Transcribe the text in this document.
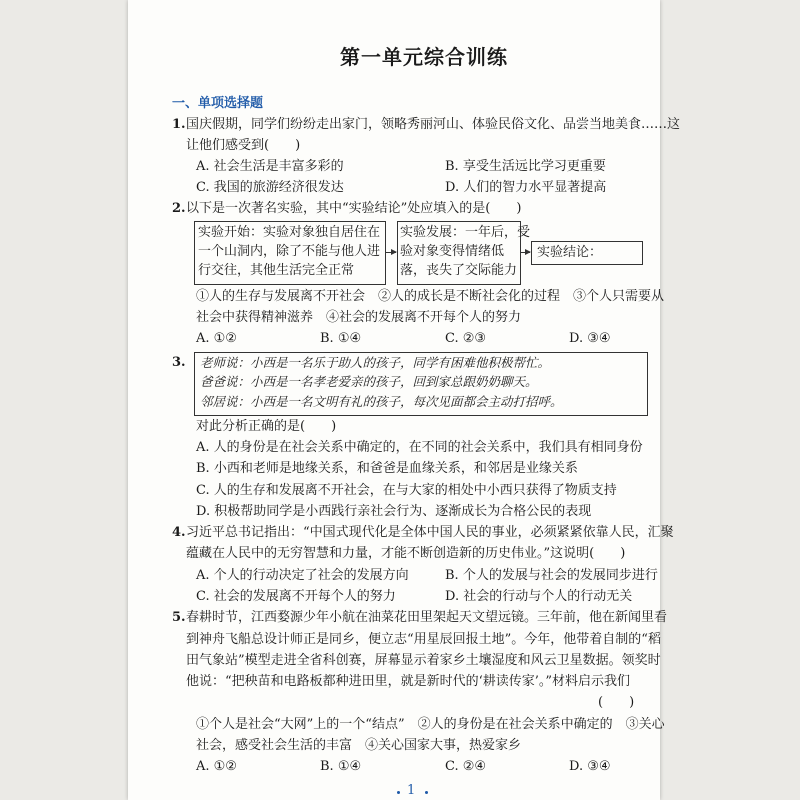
第一单元综合训练
一、单项选择题
1. 国庆假期，同学们纷纷走出家门，领略秀丽河山、体验民俗文化、品尝当地美食……这
让他们感受到(　　)
A. 社会生活是丰富多彩的	B. 享受生活远比学习更重要
C. 我国的旅游经济很发达	D. 人们的智力水平显著提高
2. 以下是一次著名实验，其中“实验结论”处应填入的是(　　)
实验开始：实验对象独自居住在
一个山洞内，除了不能与他人进
行交往，其他生活完全正常
实验发展：一年后，受
验对象变得情绪低
落，丧失了交际能力
实验结论：
①人的生存与发展离不开社会　②人的成长是不断社会化的过程　③个人只需要从
社会中获得精神滋养　④社会的发展离不开每个人的努力
A. ①②	B. ①④	C. ②③	D. ③④
3. 老师说：小西是一名乐于助人的孩子，同学有困难他积极帮忙。
爸爸说：小西是一名孝老爱亲的孩子，回到家总跟奶奶聊天。
邻居说：小西是一名文明有礼的孩子，每次见面都会主动打招呼。
对此分析正确的是(　　)
A. 人的身份是在社会关系中确定的，在不同的社会关系中，我们具有相同身份
B. 小西和老师是地缘关系，和爸爸是血缘关系，和邻居是业缘关系
C. 人的生存和发展离不开社会，在与大家的相处中小西只获得了物质支持
D. 积极帮助同学是小西践行亲社会行为、逐渐成长为合格公民的表现
4. 习近平总书记指出：“中国式现代化是全体中国人民的事业，必须紧紧依靠人民，汇聚
蕴藏在人民中的无穷智慧和力量，才能不断创造新的历史伟业。”这说明(　　)
A. 个人的行动决定了社会的发展方向	B. 个人的发展与社会的发展同步进行
C. 社会的发展离不开每个人的努力	D. 社会的行动与个人的行动无关
5. 春耕时节，江西婺源少年小航在油菜花田里架起天文望远镜。三年前，他在新闻里看
到神舟飞船总设计师正是同乡，便立志“用星辰回报土地”。今年，他带着自制的“稻
田气象站”模型走进全省科创赛，屏幕显示着家乡土壤湿度和风云卫星数据。领奖时
他说：“把秧苗和电路板都种进田里，就是新时代的‘耕读传家’。”材料启示我们
(　　)
①个人是社会“大网”上的一个“结点”　②人的身份是在社会关系中确定的　③关心
社会，感受社会生活的丰富　④关心国家大事，热爱家乡
A. ①②	B. ①④	C. ②④	D. ③④
1
